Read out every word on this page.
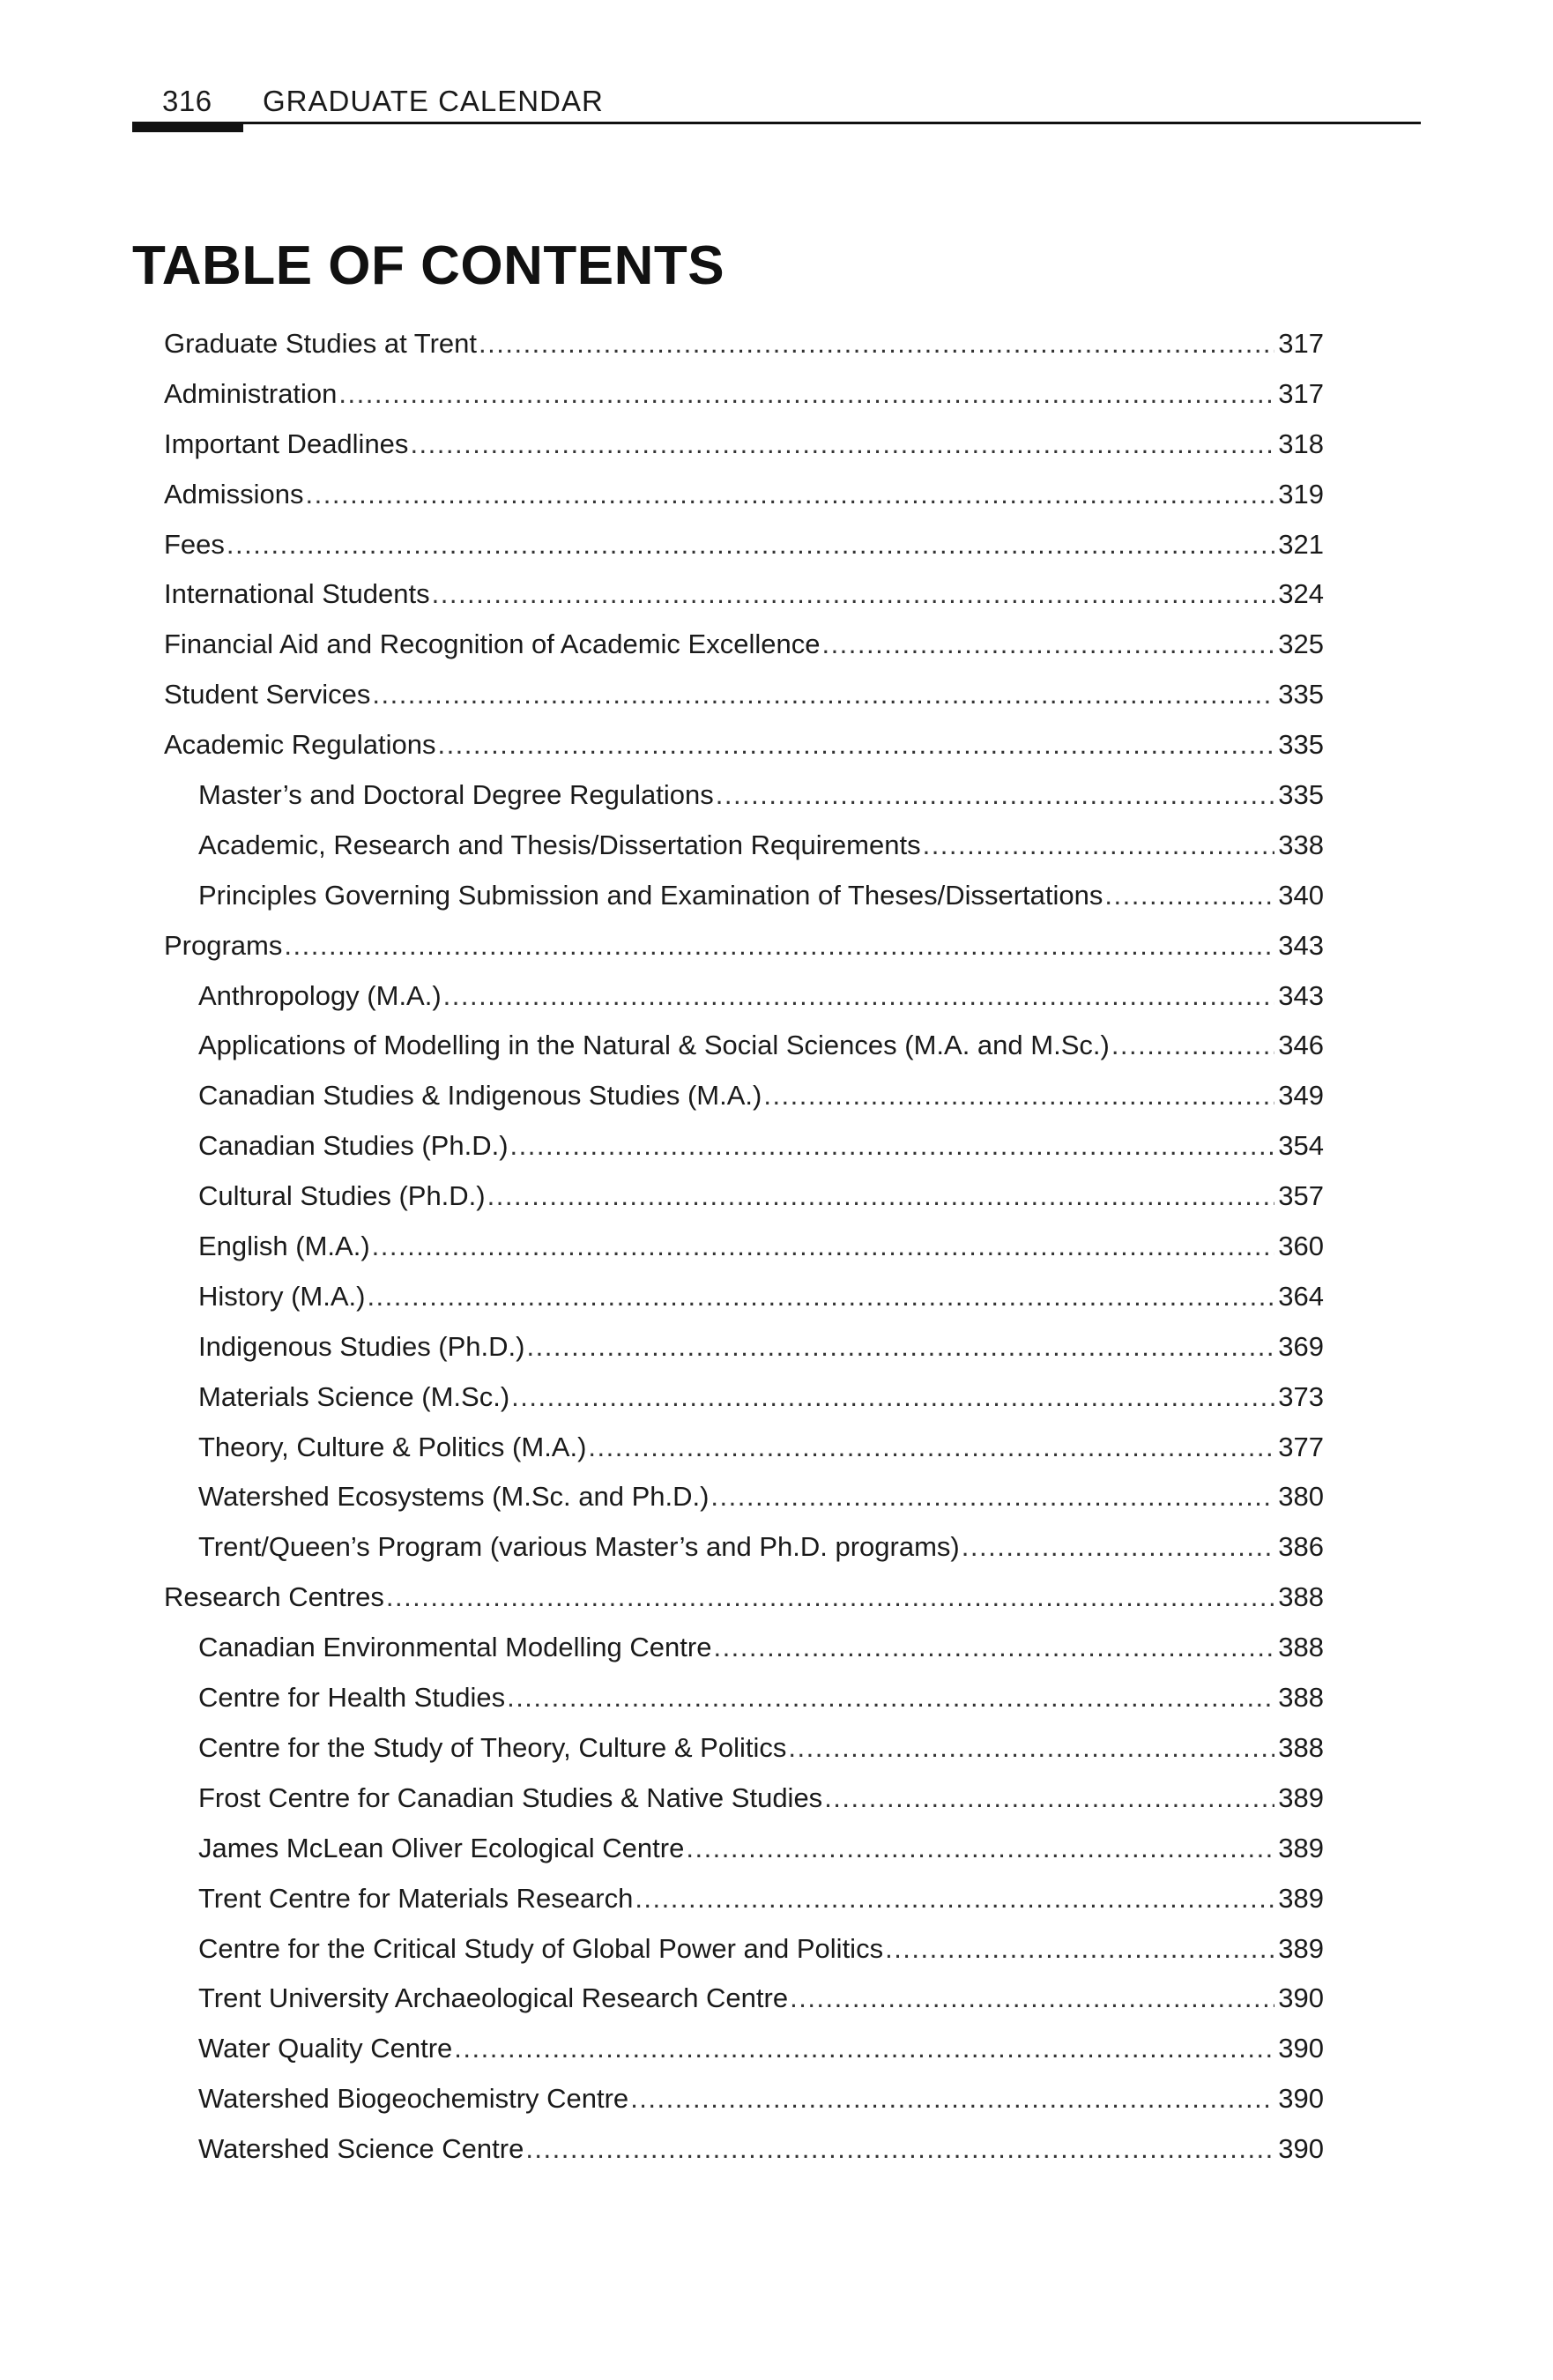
316 GRADUATE CALENDAR
TABLE OF CONTENTS
Graduate Studies at Trent .....	317
Administration .....	317
Important Deadlines .....	318
Admissions .....	319
Fees .....	321
International Students .....	324
Financial Aid and Recognition of Academic Excellence .....	325
Student Services .....	335
Academic Regulations .....	335
Master’s and Doctoral Degree Regulations .....	335
Academic, Research and Thesis/Dissertation Requirements .....	338
Principles Governing Submission and Examination of Theses/Dissertations .....	340
Programs .....	343
Anthropology (M.A.) .....	343
Applications of Modelling in the Natural & Social Sciences (M.A. and M.Sc.) .....	346
Canadian Studies & Indigenous Studies (M.A.) .....	349
Canadian Studies (Ph.D.) .....	354
Cultural Studies (Ph.D.) .....	357
English (M.A.) .....	360
History (M.A.) .....	364
Indigenous Studies (Ph.D.) .....	369
Materials Science (M.Sc.) .....	373
Theory, Culture & Politics (M.A.) .....	377
Watershed Ecosystems (M.Sc. and Ph.D.) .....	380
Trent/Queen’s Program (various Master’s and Ph.D. programs) .....	386
Research Centres .....	388
Canadian Environmental Modelling Centre .....	388
Centre for Health Studies .....	388
Centre for the Study of Theory, Culture & Politics .....	388
Frost Centre for Canadian Studies & Native Studies .....	389
James McLean Oliver Ecological Centre .....	389
Trent Centre for Materials Research .....	389
Centre for the Critical Study of Global Power and Politics .....	389
Trent University Archaeological Research Centre .....	390
Water Quality Centre .....	390
Watershed Biogeochemistry Centre .....	390
Watershed Science Centre .....	390
